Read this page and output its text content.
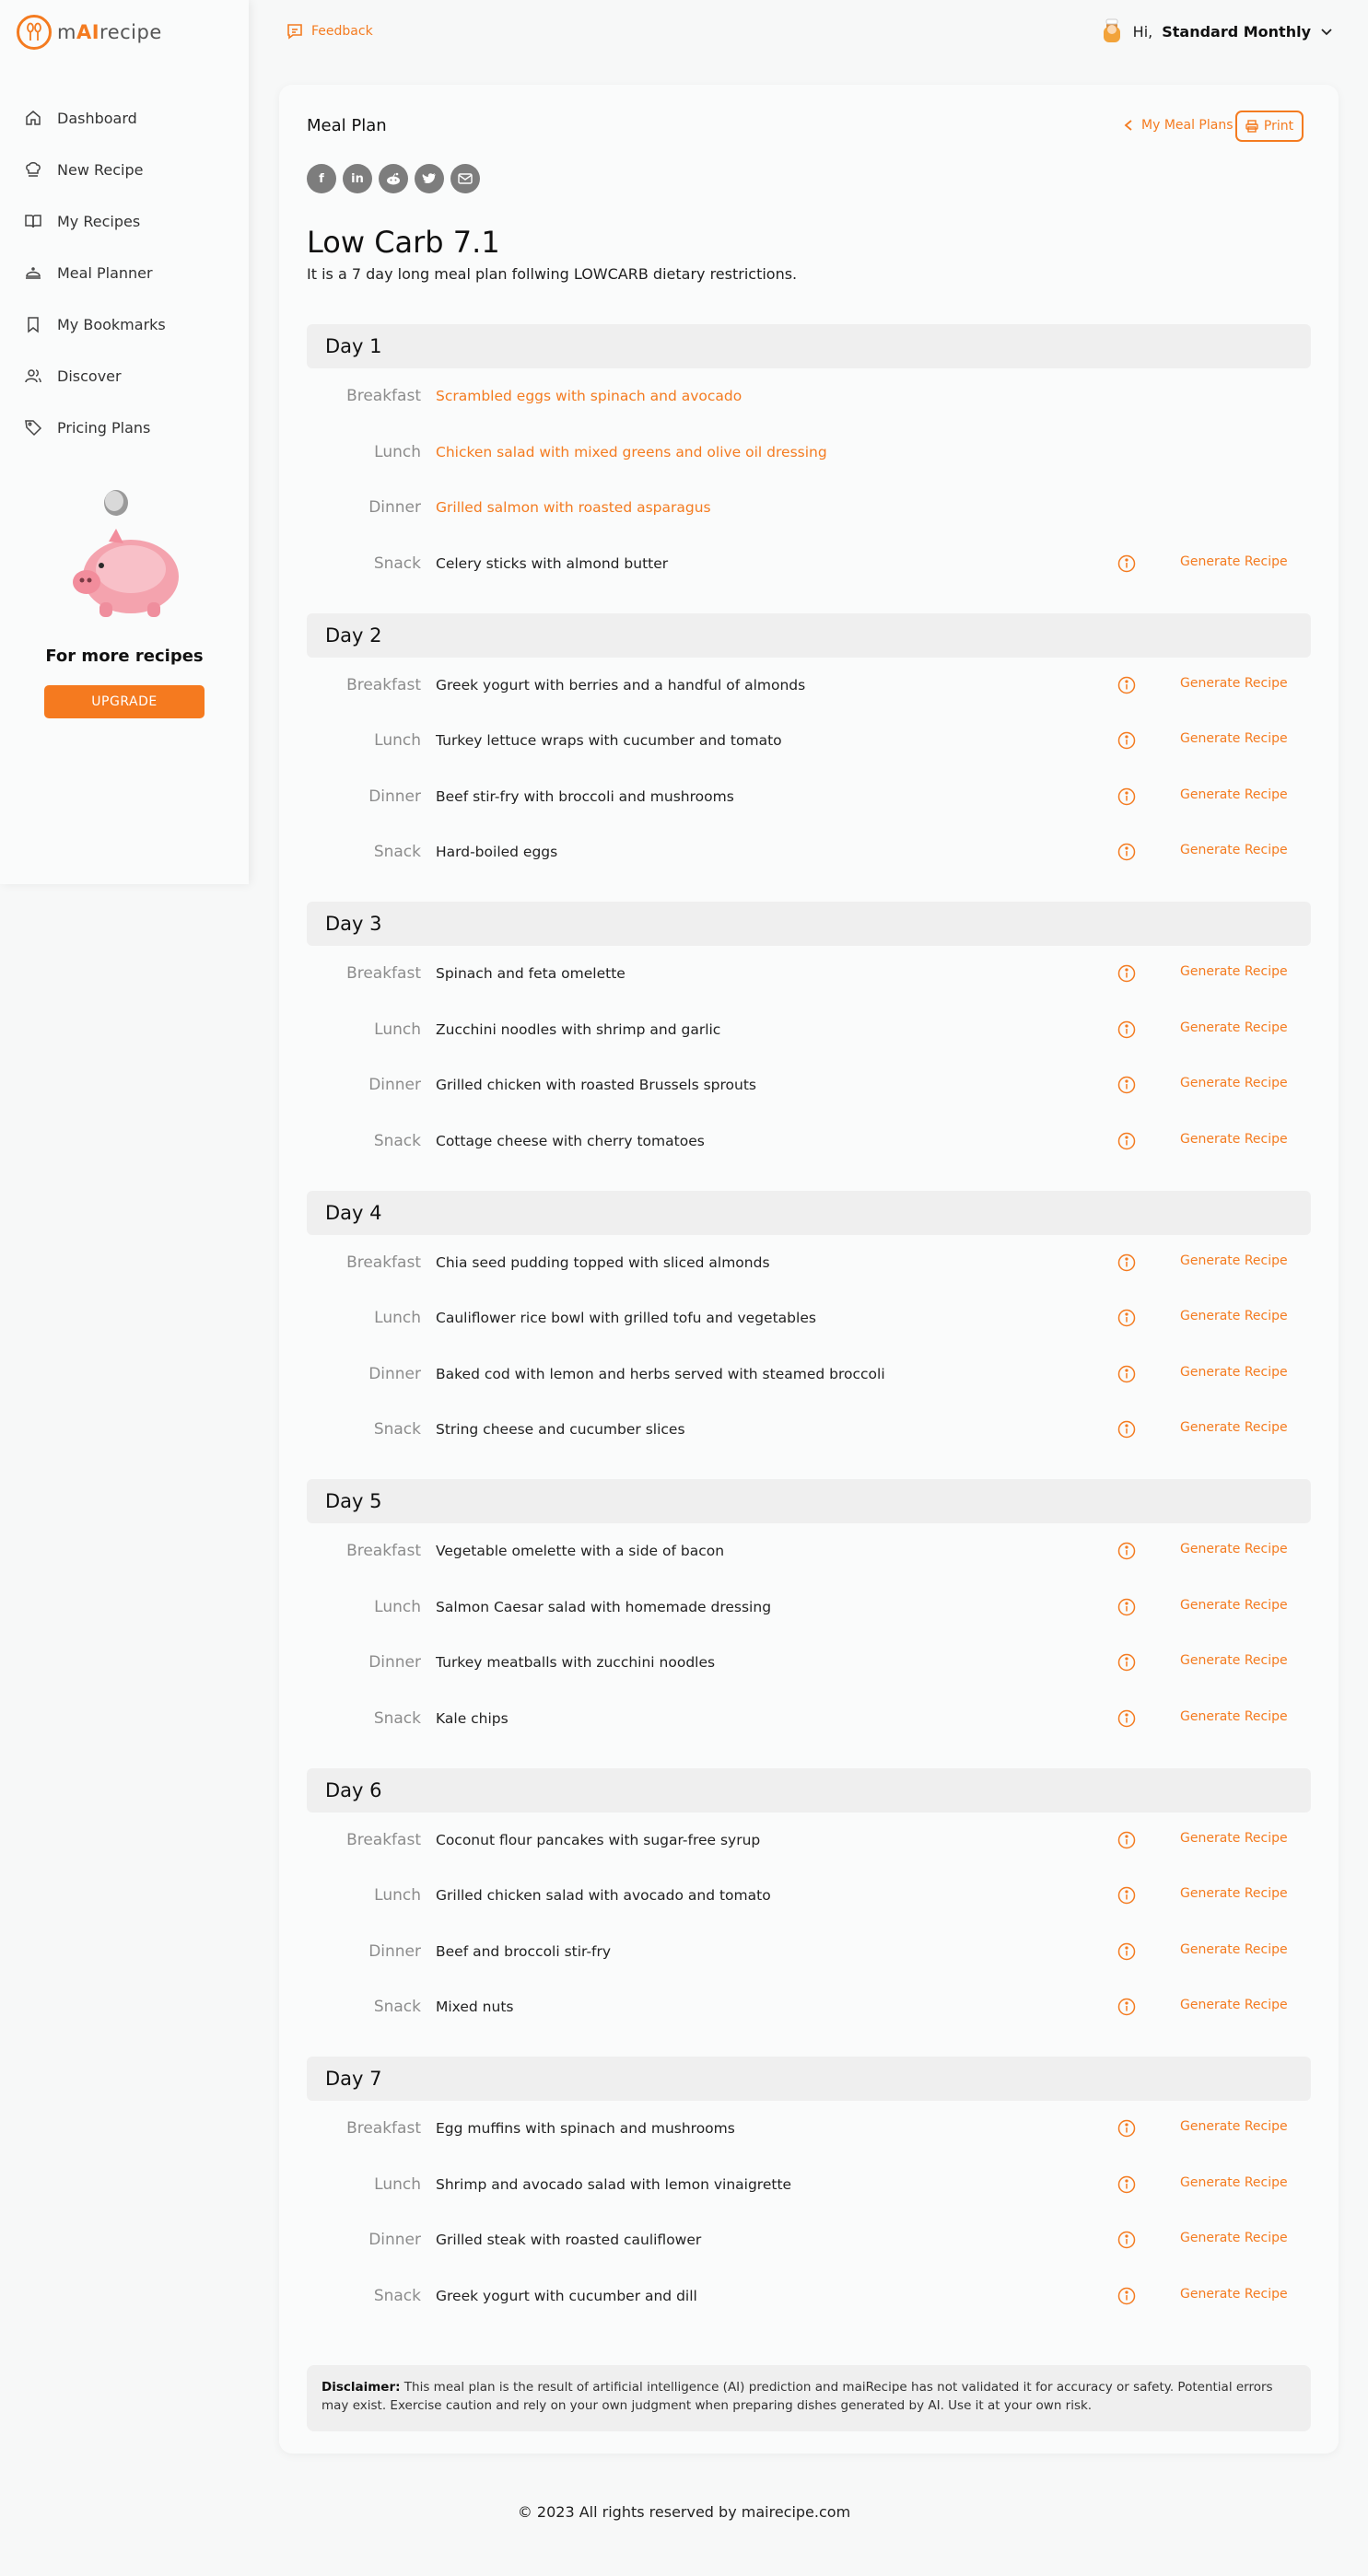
mAIrecipe
Dashboard
New Recipe
My Recipes
Meal Planner
My Bookmarks
Discover
Pricing Plans
For more recipes
UPGRADE
Feedback	Hi, Standard Monthly
Meal Plan	My Meal Plans Print
f	in
Low Carb 7.1

It is a 7 day long meal plan follwing LOWCARB dietary restrictions.

Day 1
Breakfast Scrambled eggs with spinach and avocado
Lunch Chicken salad with mixed greens and olive oil dressing
Dinner Grilled salmon with roasted asparagus
Snack Celery sticks with almond butter	Generate Recipe
Day 2
Breakfast Greek yogurt with berries and a handful of almonds	Generate Recipe
Lunch Turkey lettuce wraps with cucumber and tomato	Generate Recipe
Dinner Beef stir-fry with broccoli and mushrooms	Generate Recipe
Snack Hard-boiled eggs	Generate Recipe
Day 3
Breakfast Spinach and feta omelette	Generate Recipe
Lunch Zucchini noodles with shrimp and garlic	Generate Recipe
Dinner Grilled chicken with roasted Brussels sprouts	Generate Recipe
Snack Cottage cheese with cherry tomatoes	Generate Recipe
Day 4
Breakfast Chia seed pudding topped with sliced almonds	Generate Recipe
Lunch Cauliflower rice bowl with grilled tofu and vegetables	Generate Recipe
Dinner Baked cod with lemon and herbs served with steamed broccoli	Generate Recipe
Snack String cheese and cucumber slices	Generate Recipe
Day 5
Breakfast Vegetable omelette with a side of bacon	Generate Recipe
Lunch Salmon Caesar salad with homemade dressing	Generate Recipe
Dinner Turkey meatballs with zucchini noodles	Generate Recipe
Snack Kale chips	Generate Recipe
Day 6
Breakfast Coconut flour pancakes with sugar-free syrup	Generate Recipe
Lunch Grilled chicken salad with avocado and tomato	Generate Recipe
Dinner Beef and broccoli stir-fry	Generate Recipe
Snack Mixed nuts	Generate Recipe
Day 7
Breakfast Egg muffins with spinach and mushrooms	Generate Recipe
Lunch Shrimp and avocado salad with lemon vinaigrette	Generate Recipe
Dinner Grilled steak with roasted cauliflower	Generate Recipe
Snack Greek yogurt with cucumber and dill	Generate Recipe
Disclaimer: This meal plan is the result of artificial intelligence (AI) prediction and maiRecipe has not validated it for accuracy or safety. Potential errors may exist. Exercise caution and rely on your own judgment when preparing dishes generated by AI. Use it at your own risk.
© 2023 All rights reserved by mairecipe.com
